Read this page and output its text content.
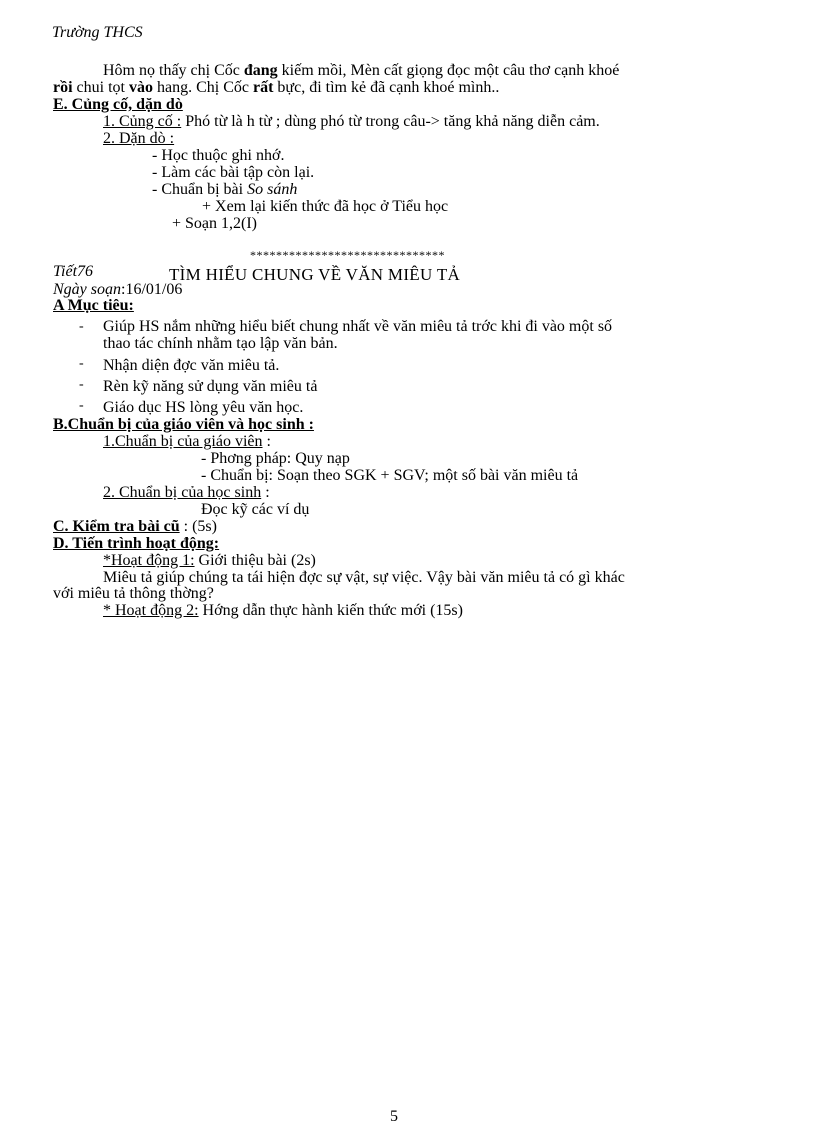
Trường THCS
Hôm nọ thấy chị Cốc đang kiếm mồi, Mèn cất giọng đọc một câu thơ cạnh khoé
rồi chui tọt vào hang. Chị Cốc rất bực, đi tìm kẻ đã cạnh khoé mình..
E. Củng cố, dặn dò
1. Củng cố : Phó từ là h từ ; dùng phó từ trong câu-> tăng khả năng diễn cảm.
2. Dặn dò :
- Học thuộc ghi nhớ.
- Làm các bài tập còn lại.
- Chuẩn bị bài So sánh
+ Xem lại kiến thức đã học ở Tiểu học
+ Soạn 1,2(I)
******************************
Tiết76	TÌM HIỂU CHUNG VỀ VĂN MIÊU TẢ
Ngày soạn:16/01/06
A Mục tiêu:
- Giúp HS nắm những hiểu biết chung nhất về văn miêu tả trớc khi đi vào một số
thao tác chính nhằm tạo lập văn bản.
- Nhận diện đợc văn miêu tả.
- Rèn kỹ năng sử dụng văn miêu tả
- Giáo dục HS lòng yêu văn học.
B.Chuẩn bị của giáo viên và học sinh :
1.Chuẩn bị của giáo viên :
- Phơng pháp: Quy nạp
- Chuẩn bị: Soạn theo SGK + SGV; một số bài văn miêu tả
2. Chuẩn bị của học sinh :
Đọc kỹ các ví dụ
C. Kiểm tra bài cũ : (5s)
D. Tiến trình hoạt động:
*Hoạt động 1: Giới thiệu bài (2s)
Miêu tả giúp chúng ta tái hiện đợc sự vật, sự việc. Vậy bài văn miêu tả có gì khác
với miêu tả thông thờng?
* Hoạt động 2: Hớng dẫn thực hành kiến thức mới (15s)
5
